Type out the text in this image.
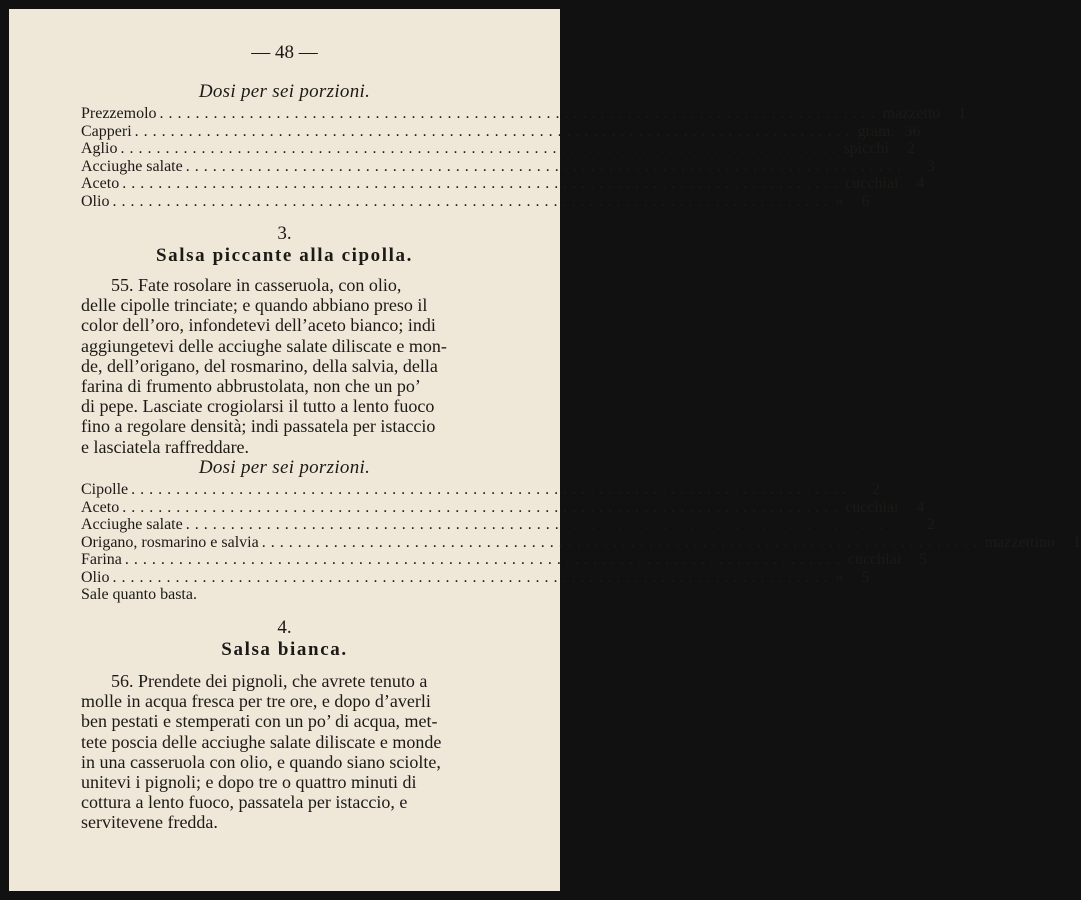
— 48 —
Dosi per sei porzioni.
Prezzemolo ................................................................................ mazzetto	1
Capperi ................................................................................ gram. 36
Aglio ................................................................................ spicchi	2
Acciughe salate ................................................................................	3
Aceto ................................................................................ cucchiai	4
Olio ................................................................................ »	6
3.
Salsa piccante alla cipolla.
55. Fate rosolare in casseruola, con olio,
delle cipolle trinciate; e quando abbiano preso il
color dell’oro, infondetevi dell’aceto bianco; indi
aggiungetevi delle acciughe salate diliscate e mon-
de, dell’origano, del rosmarino, della salvia, della
farina di frumento abbrustolata, non che un po’
di pepe. Lasciate crogiolarsi il tutto a lento fuoco
fino a regolare densità; indi passatela per istaccio
e lasciatela raffreddare.
Dosi per sei porzioni.
Cipolle ................................................................................	2
Aceto ................................................................................ cucchiai	4
Acciughe salate ................................................................................	2
Origano, rosmarino e salvia ................................................................................ mazzettino	1
Farina ................................................................................ cucchiai	5
Olio ................................................................................ »	5
Sale quanto basta.
4.
Salsa bianca.
56. Prendete dei pignoli, che avrete tenuto a
molle in acqua fresca per tre ore, e dopo d’averli
ben pestati e stemperati con un po’ di acqua, met-
tete poscia delle acciughe salate diliscate e monde
in una casseruola con olio, e quando siano sciolte,
unitevi i pignoli; e dopo tre o quattro minuti di
cottura a lento fuoco, passatela per istaccio, e
servitevene fredda.
